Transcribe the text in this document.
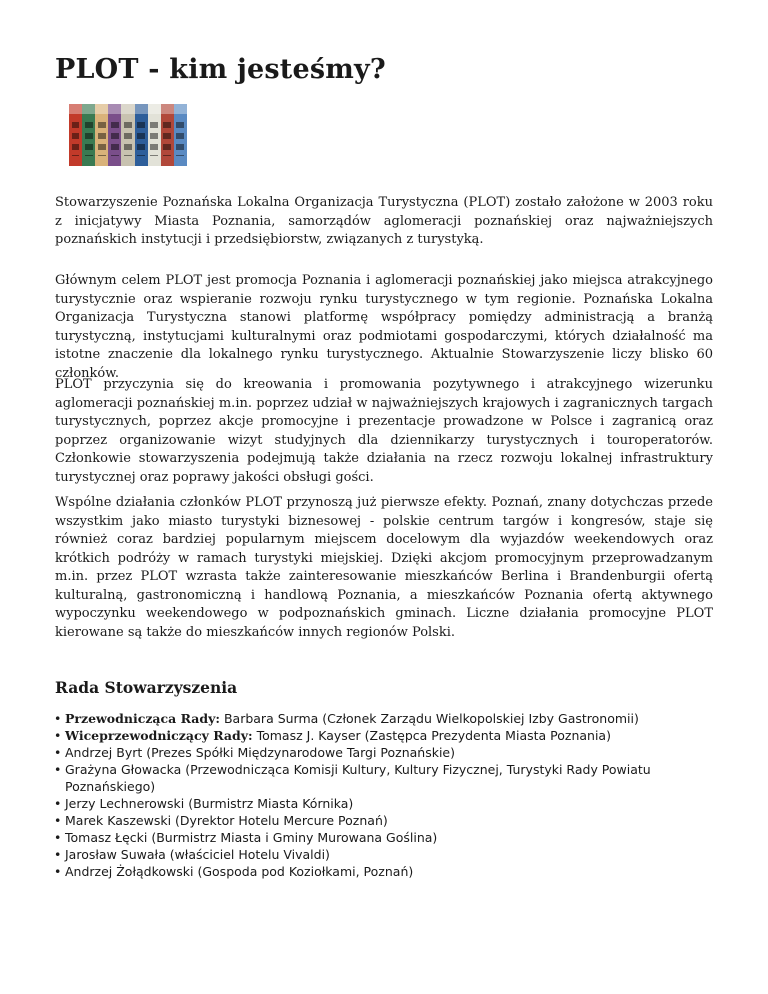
PLOT - kim jesteśmy?

Stowarzyszenie Poznańska Lokalna Organizacja Turystyczna (PLOT) zostało założone w 2003 roku z inicjatywy Miasta Poznania, samorządów aglomeracji poznańskiej oraz najważniejszych poznańskich instytucji i przedsiębiorstw, związanych z turystyką.

Głównym celem PLOT jest promocja Poznania i aglomeracji poznańskiej jako miejsca atrakcyjnego turystycznie oraz wspieranie rozwoju rynku turystycznego w tym regionie. Poznańska Lokalna Organizacja Turystyczna stanowi platformę współpracy pomiędzy administracją a branżą turystyczną, instytucjami kulturalnymi oraz podmiotami gospodarczymi, których działalność ma istotne znaczenie dla lokalnego rynku turystycznego. Aktualnie Stowarzyszenie liczy blisko 60 członków.

PLOT przyczynia się do kreowania i promowania pozytywnego i atrakcyjnego wizerunku aglomeracji poznańskiej m.in. poprzez udział w najważniejszych krajowych i zagranicznych targach turystycznych, poprzez akcje promocyjne i prezentacje prowadzone w Polsce i zagranicą oraz poprzez organizowanie wizyt studyjnych dla dziennikarzy turystycznych i touroperatorów. Członkowie stowarzyszenia podejmują także działania na rzecz rozwoju lokalnej infrastruktury turystycznej oraz poprawy jakości obsługi gości.

Wspólne działania członków PLOT przynoszą już pierwsze efekty. Poznań, znany dotychczas przede wszystkim jako miasto turystyki biznesowej - polskie centrum targów i kongresów, staje się również coraz bardziej popularnym miejscem docelowym dla wyjazdów weekendowych oraz krótkich podróży w ramach turystyki miejskiej. Dzięki akcjom promocyjnym przeprowadzanym m.in. przez PLOT wzrasta także zainteresowanie mieszkańców Berlina i Brandenburgii ofertą kulturalną, gastronomiczną i handlową Poznania, a mieszkańców Poznania ofertą aktywnego wypoczynku weekendowego w podpoznańskich gminach. Liczne działania promocyjne PLOT kierowane są także do mieszkańców innych regionów Polski.

Rada Stowarzyszenia
• Przewodnicząca Rady: Barbara Surma (Członek Zarządu Wielkopolskiej Izby Gastronomii)
• Wiceprzewodniczący Rady: Tomasz J. Kayser (Zastępca Prezydenta Miasta Poznania)
• Andrzej Byrt (Prezes Spółki Międzynarodowe Targi Poznańskie)
• Grażyna Głowacka (Przewodnicząca Komisji Kultury, Kultury Fizycznej, Turystyki Rady Powiatu Poznańskiego)
• Jerzy Lechnerowski (Burmistrz Miasta Kórnika)
• Marek Kaszewski (Dyrektor Hotelu Mercure Poznań)
• Tomasz Łęcki (Burmistrz Miasta i Gminy Murowana Goślina)
• Jarosław Suwała (właściciel Hotelu Vivaldi)
• Andrzej Żołądkowski (Gospoda pod Koziołkami, Poznań)
